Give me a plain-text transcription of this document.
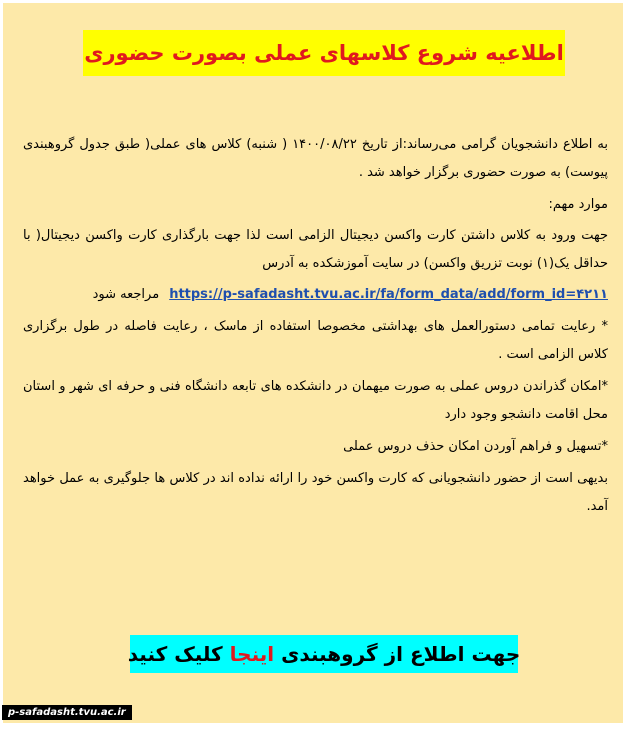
اطلاعیه شروع کلاسهای عملی بصورت حضوری

به اطلاع دانشجویان گرامی می‌رساند:از تاریخ ۱۴۰۰/۰۸/۲۲ ( شنبه) کلاس های عملی( طبق جدول گروهبندی پیوست) به صورت حضوری برگزار خواهد شد .

موارد مهم:

جهت ورود به کلاس داشتن کارت واکسن دیجیتال الزامی است لذا جهت بارگذاری کارت واکسن دیجیتال( با حداقل یک(۱) نوبت تزریق واکسن) در سایت آموزشکده به آدرس

مراجعه شود https://p-safadasht.tvu.ac.ir/fa/form_data/add/form_id=۴۲۱۱

* رعایت تمامی دستورالعمل های بهداشتی مخصوصا استفاده از ماسک ، رعایت فاصله در طول برگزاری کلاس الزامی است .

*امکان گذراندن دروس عملی به صورت میهمان در دانشکده های تابعه دانشگاه فنی و حرفه ای شهر و استان محل اقامت دانشجو وجود دارد

*تسهیل و فراهم آوردن امکان حذف دروس عملی

بدیهی است از حضور دانشجویانی که کارت واکسن خود را ارائه نداده اند در کلاس ها جلوگیری به عمل خواهد آمد.

جهت اطلاع از گروهبندی

اینجا

کلیک کنید
p-safadasht.tvu.ac.ir
